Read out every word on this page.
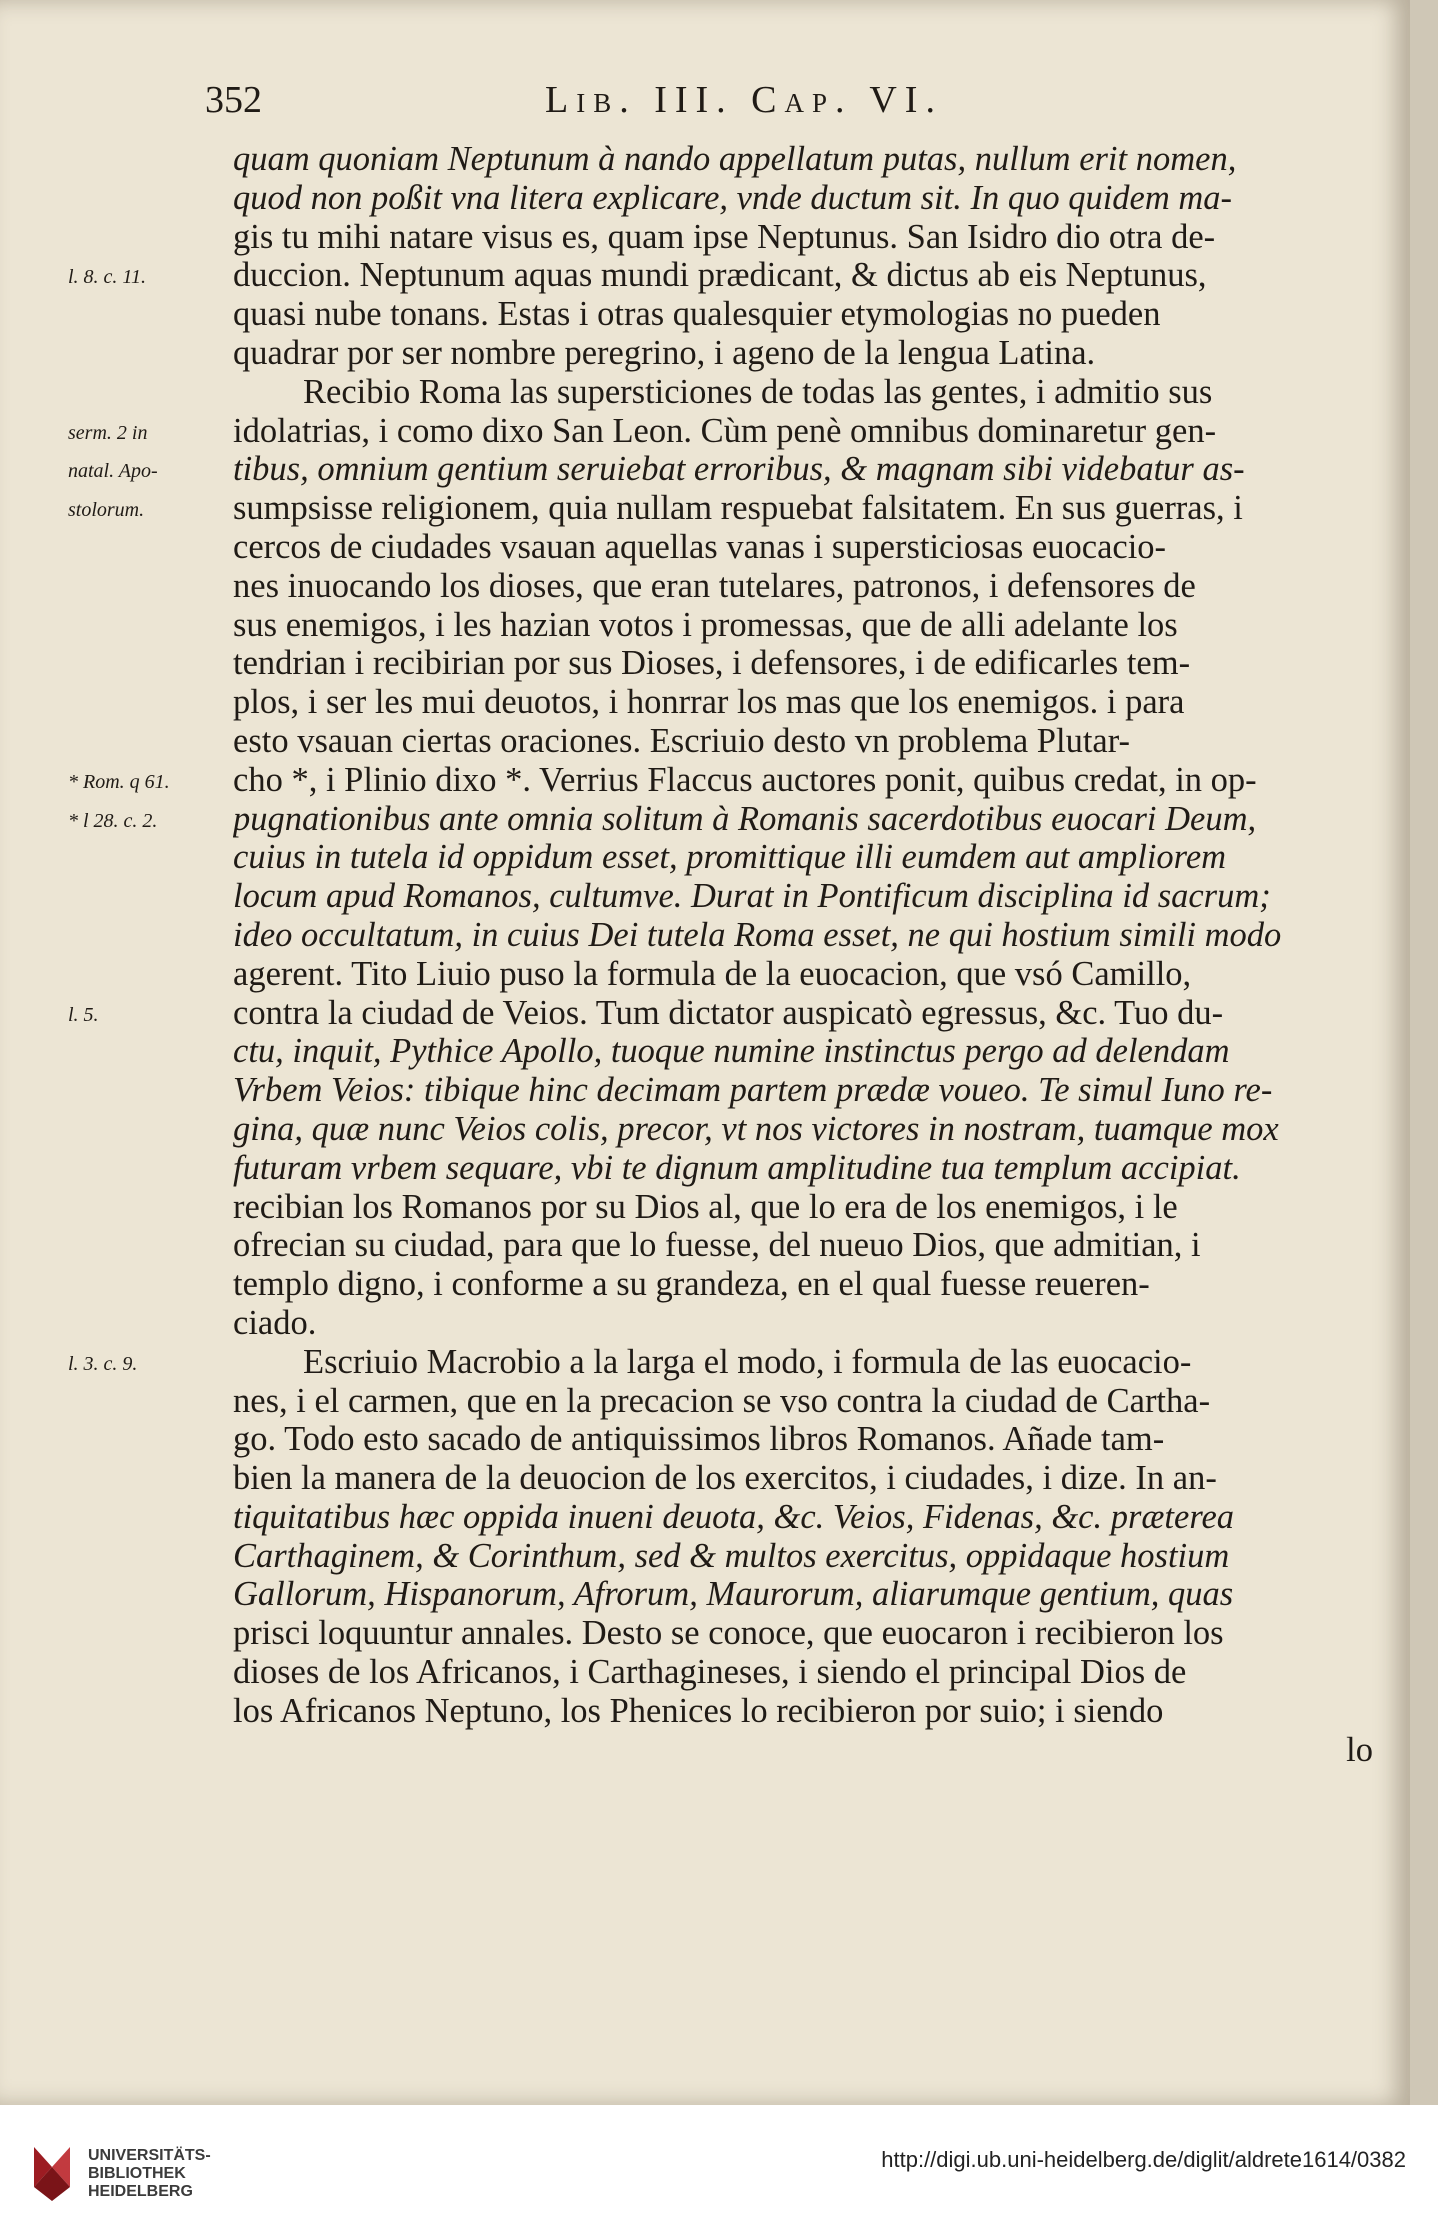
352	Lib. III. Cap. VI.
quam quoniam Neptunum à nando appellatum putas, nullum erit nomen,
quod non poßit vna litera explicare, vnde ductum sit. In quo quidem ma-
gis tu mihi natare visus es, quam ipse Neptunus. San Isidro dio otra de-
duccion. Neptunum aquas mundi prædicant, & dictus ab eis Neptunus,
quasi nube tonans. Estas i otras qualesquier etymologias no pueden
quadrar por ser nombre peregrino, i ageno de la lengua Latina.
Recibio Roma las supersticiones de todas las gentes, i admitio sus
idolatrias, i como dixo San Leon. Cùm penè omnibus dominaretur gen-
tibus, omnium gentium seruiebat erroribus, & magnam sibi videbatur as-
sumpsisse religionem, quia nullam respuebat falsitatem. En sus guerras, i
cercos de ciudades vsauan aquellas vanas i supersticiosas euocacio-
nes inuocando los dioses, que eran tutelares, patronos, i defensores de
sus enemigos, i les hazian votos i promessas, que de alli adelante los
tendrian i recibirian por sus Dioses, i defensores, i de edificarles tem-
plos, i ser les mui deuotos, i honrrar los mas que los enemigos. i para
esto vsauan ciertas oraciones. Escriuio desto vn problema Plutar-
cho *, i Plinio dixo *. Verrius Flaccus auctores ponit, quibus credat, in op-
pugnationibus ante omnia solitum à Romanis sacerdotibus euocari Deum,
cuius in tutela id oppidum esset, promittique illi eumdem aut ampliorem
locum apud Romanos, cultumve. Durat in Pontificum disciplina id sacrum;
ideo occultatum, in cuius Dei tutela Roma esset, ne qui hostium simili modo
agerent. Tito Liuio puso la formula de la euocacion, que vsó Camillo,
contra la ciudad de Veios. Tum dictator auspicatò egressus, &c. Tuo du-
ctu, inquit, Pythice Apollo, tuoque numine instinctus pergo ad delendam
Vrbem Veios: tibique hinc decimam partem prædæ voueo. Te simul Iuno re-
gina, quæ nunc Veios colis, precor, vt nos victores in nostram, tuamque mox
futuram vrbem sequare, vbi te dignum amplitudine tua templum accipiat.
recibian los Romanos por su Dios al, que lo era de los enemigos, i le
ofrecian su ciudad, para que lo fuesse, del nueuo Dios, que admitian, i
templo digno, i conforme a su grandeza, en el qual fuesse reueren-
ciado.
Escriuio Macrobio a la larga el modo, i formula de las euocacio-
nes, i el carmen, que en la precacion se vso contra la ciudad de Cartha-
go. Todo esto sacado de antiquissimos libros Romanos. Añade tam-
bien la manera de la deuocion de los exercitos, i ciudades, i dize. In an-
tiquitatibus hæc oppida inueni deuota, &c. Veios, Fidenas, &c. præterea
Carthaginem, & Corinthum, sed & multos exercitus, oppidaque hostium
Gallorum, Hispanorum, Afrorum, Maurorum, aliarumque gentium, quas
prisci loquuntur annales. Desto se conoce, que euocaron i recibieron los
dioses de los Africanos, i Carthagineses, i siendo el principal Dios de
los Africanos Neptuno, los Phenices lo recibieron por suio; i siendo
lo
l. 8. c. 11.
serm. 2 in
natal. Apo-
stolorum.
* Rom. q 61.
* l 28. c. 2.
l. 5.
l. 3. c. 9.
UNIVERSITÄTS-
BIBLIOTHEK
HEIDELBERG
http://digi.ub.uni-heidelberg.de/diglit/aldrete1614/0382
